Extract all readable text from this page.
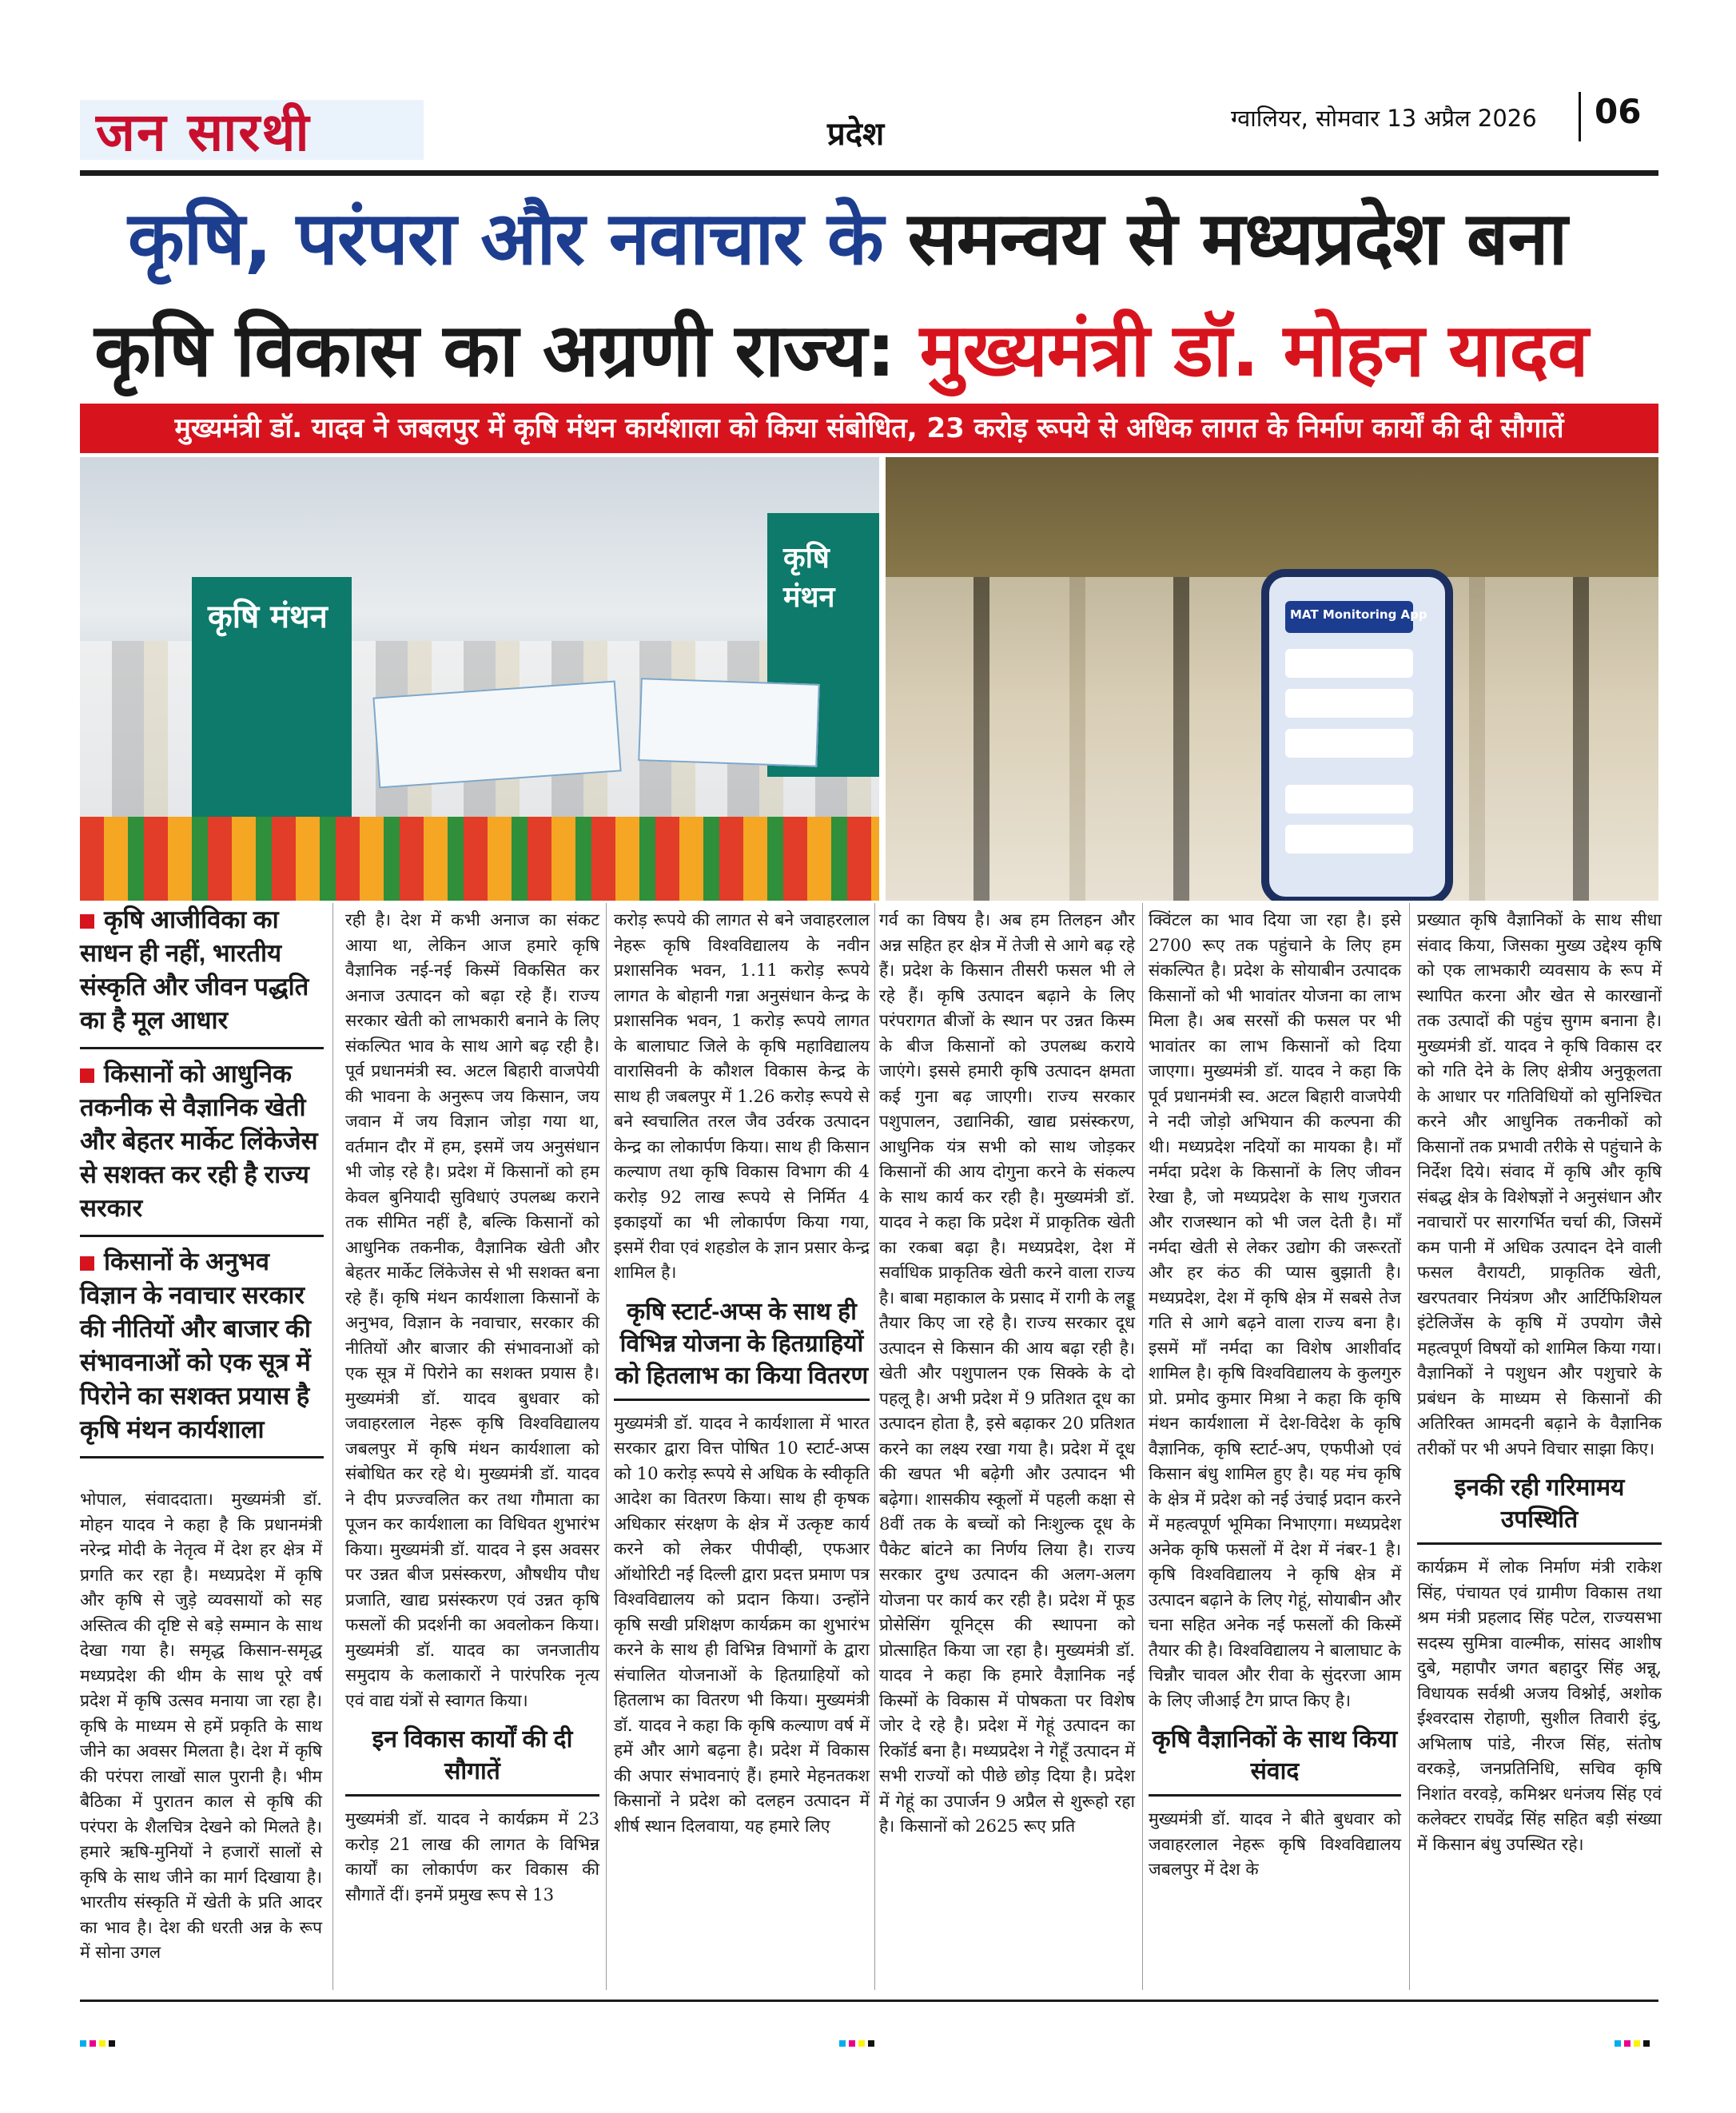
जन सारथी	प्रदेश	ग्वालियर, सोमवार 13 अप्रैल 2026 06
कृषि, परंपरा और नवाचार के समन्वय से मध्यप्रदेश बना
कृषि विकास का अग्रणी राज्य: मुख्यमंत्री डॉ. मोहन यादव
मुख्यमंत्री डॉ. यादव ने जबलपुर में कृषि मंथन कार्यशाला को किया संबोधित, 23 करोड़ रूपये से अधिक लागत के निर्माण कार्यों की दी सौगातें
कृषि मंथन
कृषि मंथन
MAT Monitoring App

कृषि आजीविका का साधन ही नहीं, भारतीय संस्कृति और जीवन पद्धति का है मूल आधार

किसानों को आधुनिक तकनीक से वैज्ञानिक खेती और बेहतर मार्केट लिंकेजेस से सशक्त कर रही है राज्य सरकार

किसानों के अनुभव विज्ञान के नवाचार सरकार की नीतियों और बाजार की संभावनाओं को एक सूत्र में पिरोने का सशक्त प्रयास है कृषि मंथन कार्यशाला

भोपाल, संवाददाता। मुख्यमंत्री डॉ. मोहन यादव ने कहा है कि प्रधानमंत्री नरेन्द्र मोदी के नेतृत्व में देश हर क्षेत्र में प्रगति कर रहा है। मध्यप्रदेश में कृषि और कृषि से जुड़े व्यवसायों को सह अस्तित्व की दृष्टि से बड़े सम्मान के साथ देखा गया है। समृद्ध किसान-समृद्ध मध्यप्रदेश की थीम के साथ पूरे वर्ष प्रदेश में कृषि उत्सव मनाया जा रहा है। कृषि के माध्यम से हमें प्रकृति के साथ जीने का अवसर मिलता है। देश में कृषि की परंपरा लाखों साल पुरानी है। भीम बैठिका में पुरातन काल से कृषि की परंपरा के शैलचित्र देखने को मिलते है। हमारे ऋषि-मुनियों ने हजारों सालों से कृषि के साथ जीने का मार्ग दिखाया है। भारतीय संस्कृति में खेती के प्रति आदर का भाव है। देश की धरती अन्न के रूप में सोना उगल

रही है। देश में कभी अनाज का संकट आया था, लेकिन आज हमारे कृषि वैज्ञानिक नई-नई किस्में विकसित कर अनाज उत्पादन को बढ़ा रहे हैं। राज्य सरकार खेती को लाभकारी बनाने के लिए संकल्पित भाव के साथ आगे बढ़ रही है। पूर्व प्रधानमंत्री स्व. अटल बिहारी वाजपेयी की भावना के अनुरूप जय किसान, जय जवान में जय विज्ञान जोड़ा गया था, वर्तमान दौर में हम, इसमें जय अनुसंधान भी जोड़ रहे है। प्रदेश में किसानों को हम केवल बुनियादी सुविधाएं उपलब्ध कराने तक सीमित नहीं है, बल्कि किसानों को आधुनिक तकनीक, वैज्ञानिक खेती और बेहतर मार्केट लिंकेजेस से भी सशक्त बना रहे हैं। कृषि मंथन कार्यशाला किसानों के अनुभव, विज्ञान के नवाचार, सरकार की नीतियों और बाजार की संभावनाओं को एक सूत्र में पिरोने का सशक्त प्रयास है। मुख्यमंत्री डॉ. यादव बुधवार को जवाहरलाल नेहरू कृषि विश्वविद्यालय जबलपुर में कृषि मंथन कार्यशाला को संबोधित कर रहे थे। मुख्यमंत्री डॉ. यादव ने दीप प्रज्ज्वलित कर तथा गौमाता का पूजन कर कार्यशाला का विधिवत शुभारंभ किया। मुख्यमंत्री डॉ. यादव ने इस अवसर पर उन्नत बीज प्रसंस्करण, औषधीय पौध प्रजाति, खाद्य प्रसंस्करण एवं उन्नत कृषि फसलों की प्रदर्शनी का अवलोकन किया। मुख्यमंत्री डॉ. यादव का जनजातीय समुदाय के कलाकारों ने पारंपरिक नृत्य एवं वाद्य यंत्रों से स्वागत किया।

इन विकास कार्यों की दी सौगातें

मुख्यमंत्री डॉ. यादव ने कार्यक्रम में 23 करोड़ 21 लाख की लागत के विभिन्न कार्यों का लोकार्पण कर विकास की सौगातें दीं। इनमें प्रमुख रूप से 13

करोड़ रूपये की लागत से बने जवाहरलाल नेहरू कृषि विश्वविद्यालय के नवीन प्रशासनिक भवन, 1.11 करोड़ रूपये लागत के बोहानी गन्ना अनुसंधान केन्द्र के प्रशासनिक भवन, 1 करोड़ रूपये लागत के बालाघाट जिले के कृषि महाविद्यालय वारासिवनी के कौशल विकास केन्द्र के साथ ही जबलपुर में 1.26 करोड़ रूपये से बने स्वचालित तरल जैव उर्वरक उत्पादन केन्द्र का लोकार्पण किया। साथ ही किसान कल्याण तथा कृषि विकास विभाग की 4 करोड़ 92 लाख रूपये से निर्मित 4 इकाइयों का भी लोकार्पण किया गया, इसमें रीवा एवं शहडोल के ज्ञान प्रसार केन्द्र शामिल है।

कृषि स्टार्ट-अप्स के साथ ही विभिन्न योजना के हितग्राहियों को हितलाभ का किया वितरण

मुख्यमंत्री डॉ. यादव ने कार्यशाला में भारत सरकार द्वारा वित्त पोषित 10 स्टार्ट-अप्स को 10 करोड़ रूपये से अधिक के स्वीकृति आदेश का वितरण किया। साथ ही कृषक अधिकार संरक्षण के क्षेत्र में उत्कृष्ट कार्य करने को लेकर पीपीव्ही, एफआर ऑथोरिटी नई दिल्ली द्वारा प्रदत्त प्रमाण पत्र विश्वविद्यालय को प्रदान किया। उन्होंने कृषि सखी प्रशिक्षण कार्यक्रम का शुभारंभ करने के साथ ही विभिन्न विभागों के द्वारा संचालित योजनाओं के हितग्राहियों को हितलाभ का वितरण भी किया। मुख्यमंत्री डॉ. यादव ने कहा कि कृषि कल्याण वर्ष में हमें और आगे बढ़ना है। प्रदेश में विकास की अपार संभावनाएं हैं। हमारे मेहनतकश किसानों ने प्रदेश को दलहन उत्पादन में शीर्ष स्थान दिलवाया, यह हमारे लिए

गर्व का विषय है। अब हम तिलहन और अन्न सहित हर क्षेत्र में तेजी से आगे बढ़ रहे हैं। प्रदेश के किसान तीसरी फसल भी ले रहे हैं। कृषि उत्पादन बढ़ाने के लिए परंपरागत बीजों के स्थान पर उन्नत किस्म के बीज किसानों को उपलब्ध कराये जाएंगे। इससे हमारी कृषि उत्पादन क्षमता कई गुना बढ़ जाएगी। राज्य सरकार पशुपालन, उद्यानिकी, खाद्य प्रसंस्करण, आधुनिक यंत्र सभी को साथ जोड़कर किसानों की आय दोगुना करने के संकल्प के साथ कार्य कर रही है। मुख्यमंत्री डॉ. यादव ने कहा कि प्रदेश में प्राकृतिक खेती का रकबा बढ़ा है। मध्यप्रदेश, देश में सर्वाधिक प्राकृतिक खेती करने वाला राज्य है। बाबा महाकाल के प्रसाद में रागी के लड्डू तैयार किए जा रहे है। राज्य सरकार दूध उत्पादन से किसान की आय बढ़ा रही है। खेती और पशुपालन एक सिक्के के दो पहलू है। अभी प्रदेश में 9 प्रतिशत दूध का उत्पादन होता है, इसे बढ़ाकर 20 प्रतिशत करने का लक्ष्य रखा गया है। प्रदेश में दूध की खपत भी बढ़ेगी और उत्पादन भी बढ़ेगा। शासकीय स्कूलों में पहली कक्षा से 8वीं तक के बच्चों को निःशुल्क दूध के पैकेट बांटने का निर्णय लिया है। राज्य सरकार दुग्ध उत्पादन की अलग-अलग योजना पर कार्य कर रही है। प्रदेश में फूड प्रोसेसिंग यूनिट्स की स्थापना को प्रोत्साहित किया जा रहा है। मुख्यमंत्री डॉ. यादव ने कहा कि हमारे वैज्ञानिक नई किस्मों के विकास में पोषकता पर विशेष जोर दे रहे है। प्रदेश में गेहूं उत्पादन का रिकॉर्ड बना है। मध्यप्रदेश ने गेहूँ उत्पादन में सभी राज्यों को पीछे छोड़ दिया है। प्रदेश में गेहूं का उपार्जन 9 अप्रैल से शुरूहो रहा है। किसानों को 2625 रूए प्रति

क्विंटल का भाव दिया जा रहा है। इसे 2700 रूए तक पहुंचाने के लिए हम संकल्पित है। प्रदेश के सोयाबीन उत्पादक किसानों को भी भावांतर योजना का लाभ मिला है। अब सरसों की फसल पर भी भावांतर का लाभ किसानों को दिया जाएगा। मुख्यमंत्री डॉ. यादव ने कहा कि पूर्व प्रधानमंत्री स्व. अटल बिहारी वाजपेयी ने नदी जोड़ो अभियान की कल्पना की थी। मध्यप्रदेश नदियों का मायका है। माँ नर्मदा प्रदेश के किसानों के लिए जीवन रेखा है, जो मध्यप्रदेश के साथ गुजरात और राजस्थान को भी जल देती है। माँ नर्मदा खेती से लेकर उद्योग की जरूरतों और हर कंठ की प्यास बुझाती है। मध्यप्रदेश, देश में कृषि क्षेत्र में सबसे तेज गति से आगे बढ़ने वाला राज्य बना है। इसमें माँ नर्मदा का विशेष आशीर्वाद शामिल है। कृषि विश्वविद्यालय के कुलगुरु प्रो. प्रमोद कुमार मिश्रा ने कहा कि कृषि मंथन कार्यशाला में देश-विदेश के कृषि वैज्ञानिक, कृषि स्टार्ट-अप, एफपीओ एवं किसान बंधु शामिल हुए है। यह मंच कृषि के क्षेत्र में प्रदेश को नई उंचाई प्रदान करने में महत्वपूर्ण भूमिका निभाएगा। मध्यप्रदेश अनेक कृषि फसलों में देश में नंबर-1 है। कृषि विश्वविद्यालय ने कृषि क्षेत्र में उत्पादन बढ़ाने के लिए गेहूं, सोयाबीन और चना सहित अनेक नई फसलों की किस्में तैयार की है। विश्वविद्यालय ने बालाघाट के चिन्नौर चावल और रीवा के सुंदरजा आम के लिए जीआई टैग प्राप्त किए है।

कृषि वैज्ञानिकों के साथ किया संवाद

मुख्यमंत्री डॉ. यादव ने बीते बुधवार को जवाहरलाल नेहरू कृषि विश्वविद्यालय जबलपुर में देश के

प्रख्यात कृषि वैज्ञानिकों के साथ सीधा संवाद किया, जिसका मुख्य उद्देश्य कृषि को एक लाभकारी व्यवसाय के रूप में स्थापित करना और खेत से कारखानों तक उत्पादों की पहुंच सुगम बनाना है। मुख्यमंत्री डॉ. यादव ने कृषि विकास दर को गति देने के लिए क्षेत्रीय अनुकूलता के आधार पर गतिविधियों को सुनिश्चित करने और आधुनिक तकनीकों को किसानों तक प्रभावी तरीके से पहुंचाने के निर्देश दिये। संवाद में कृषि और कृषि संबद्ध क्षेत्र के विशेषज्ञों ने अनुसंधान और नवाचारों पर सारगर्भित चर्चा की, जिसमें कम पानी में अधिक उत्पादन देने वाली फसल वैरायटी, प्राकृतिक खेती, खरपतवार नियंत्रण और आर्टिफिशियल इंटेलिजेंस के कृषि में उपयोग जैसे महत्वपूर्ण विषयों को शामिल किया गया। वैज्ञानिकों ने पशुधन और पशुचारे के प्रबंधन के माध्यम से किसानों की अतिरिक्त आमदनी बढ़ाने के वैज्ञानिक तरीकों पर भी अपने विचार साझा किए।

इनकी रही गरिमामय उपस्थिति

कार्यक्रम में लोक निर्माण मंत्री राकेश सिंह, पंचायत एवं ग्रामीण विकास तथा श्रम मंत्री प्रहलाद सिंह पटेल, राज्यसभा सदस्य सुमित्रा वाल्मीक, सांसद आशीष दुबे, महापौर जगत बहादुर सिंह अन्नू, विधायक सर्वश्री अजय विश्नोई, अशोक ईश्वरदास रोहाणी, सुशील तिवारी इंदु, अभिलाष पांडे, नीरज सिंह, संतोष वरकड़े, जनप्रतिनिधि, सचिव कृषि निशांत वरवड़े, कमिश्नर धनंजय सिंह एवं कलेक्टर राघवेंद्र सिंह सहित बड़ी संख्या में किसान बंधु उपस्थित रहे।
